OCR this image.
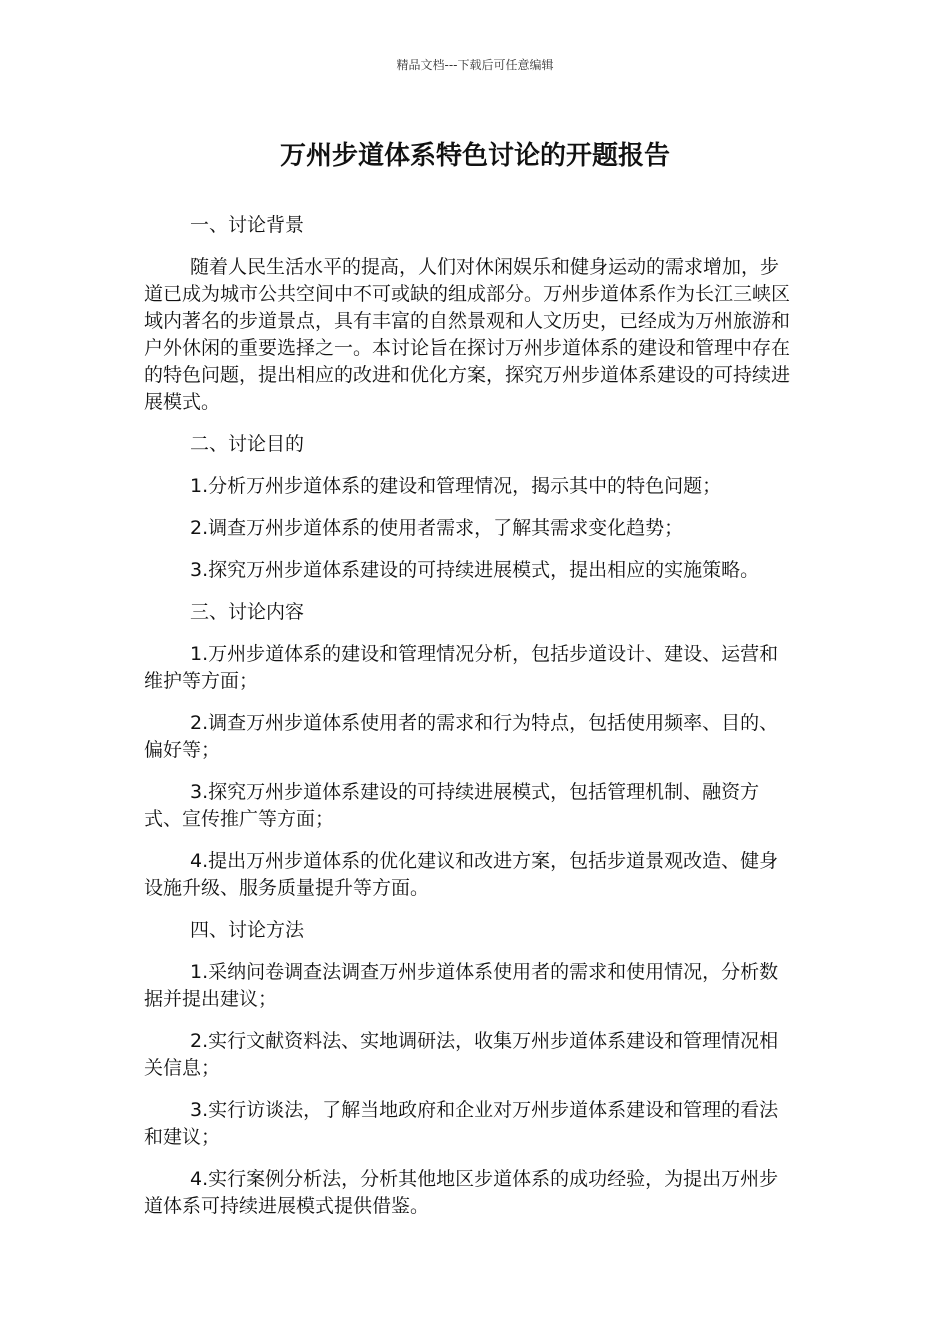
精品文档---下载后可任意编辑
万州步道体系特色讨论的开题报告

一、讨论背景

随着人民生活水平的提高，人们对休闲娱乐和健身运动的需求增加，步道已成为城市公共空间中不可或缺的组成部分。万州步道体系作为长江三峡区域内著名的步道景点，具有丰富的自然景观和人文历史，已经成为万州旅游和户外休闲的重要选择之一。本讨论旨在探讨万州步道体系的建设和管理中存在的特色问题，提出相应的改进和优化方案，探究万州步道体系建设的可持续进展模式。

二、讨论目的

1.分析万州步道体系的建设和管理情况，揭示其中的特色问题；

2.调查万州步道体系的使用者需求，了解其需求变化趋势；

3.探究万州步道体系建设的可持续进展模式，提出相应的实施策略。

三、讨论内容

1.万州步道体系的建设和管理情况分析，包括步道设计、建设、运营和维护等方面；

2.调查万州步道体系使用者的需求和行为特点，包括使用频率、目的、偏好等；

3.探究万州步道体系建设的可持续进展模式，包括管理机制、融资方式、宣传推广等方面；

4.提出万州步道体系的优化建议和改进方案，包括步道景观改造、健身设施升级、服务质量提升等方面。

四、讨论方法

1.采纳问卷调查法调查万州步道体系使用者的需求和使用情况，分析数据并提出建议；

2.实行文献资料法、实地调研法，收集万州步道体系建设和管理情况相关信息；

3.实行访谈法，了解当地政府和企业对万州步道体系建设和管理的看法和建议；

4.实行案例分析法，分析其他地区步道体系的成功经验，为提出万州步道体系可持续进展模式提供借鉴。
